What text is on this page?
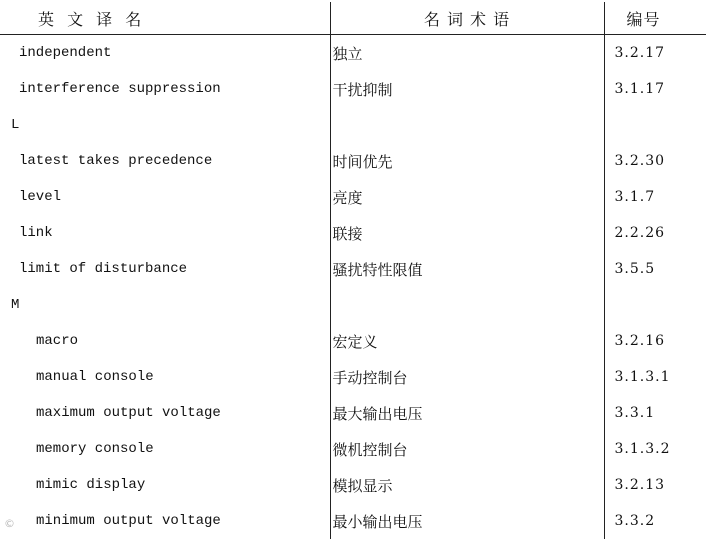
英 文 译 名	名 词 术 语	编号
independent	独立	3.2.17
interference suppression	干扰抑制	3.1.17
L		
latest takes precedence	时间优先	3.2.30
level	亮度	3.1.7
link	联接	2.2.26
limit of disturbance	骚扰特性限值	3.5.5
M		
macro	宏定义	3.2.16
manual console	手动控制台	3.1.3.1
maximum output voltage	最大输出电压	3.3.1
memory console	微机控制台	3.1.3.2
mimic display	模拟显示	3.2.13
minimum output voltage	最小输出电压	3.3.2
©
